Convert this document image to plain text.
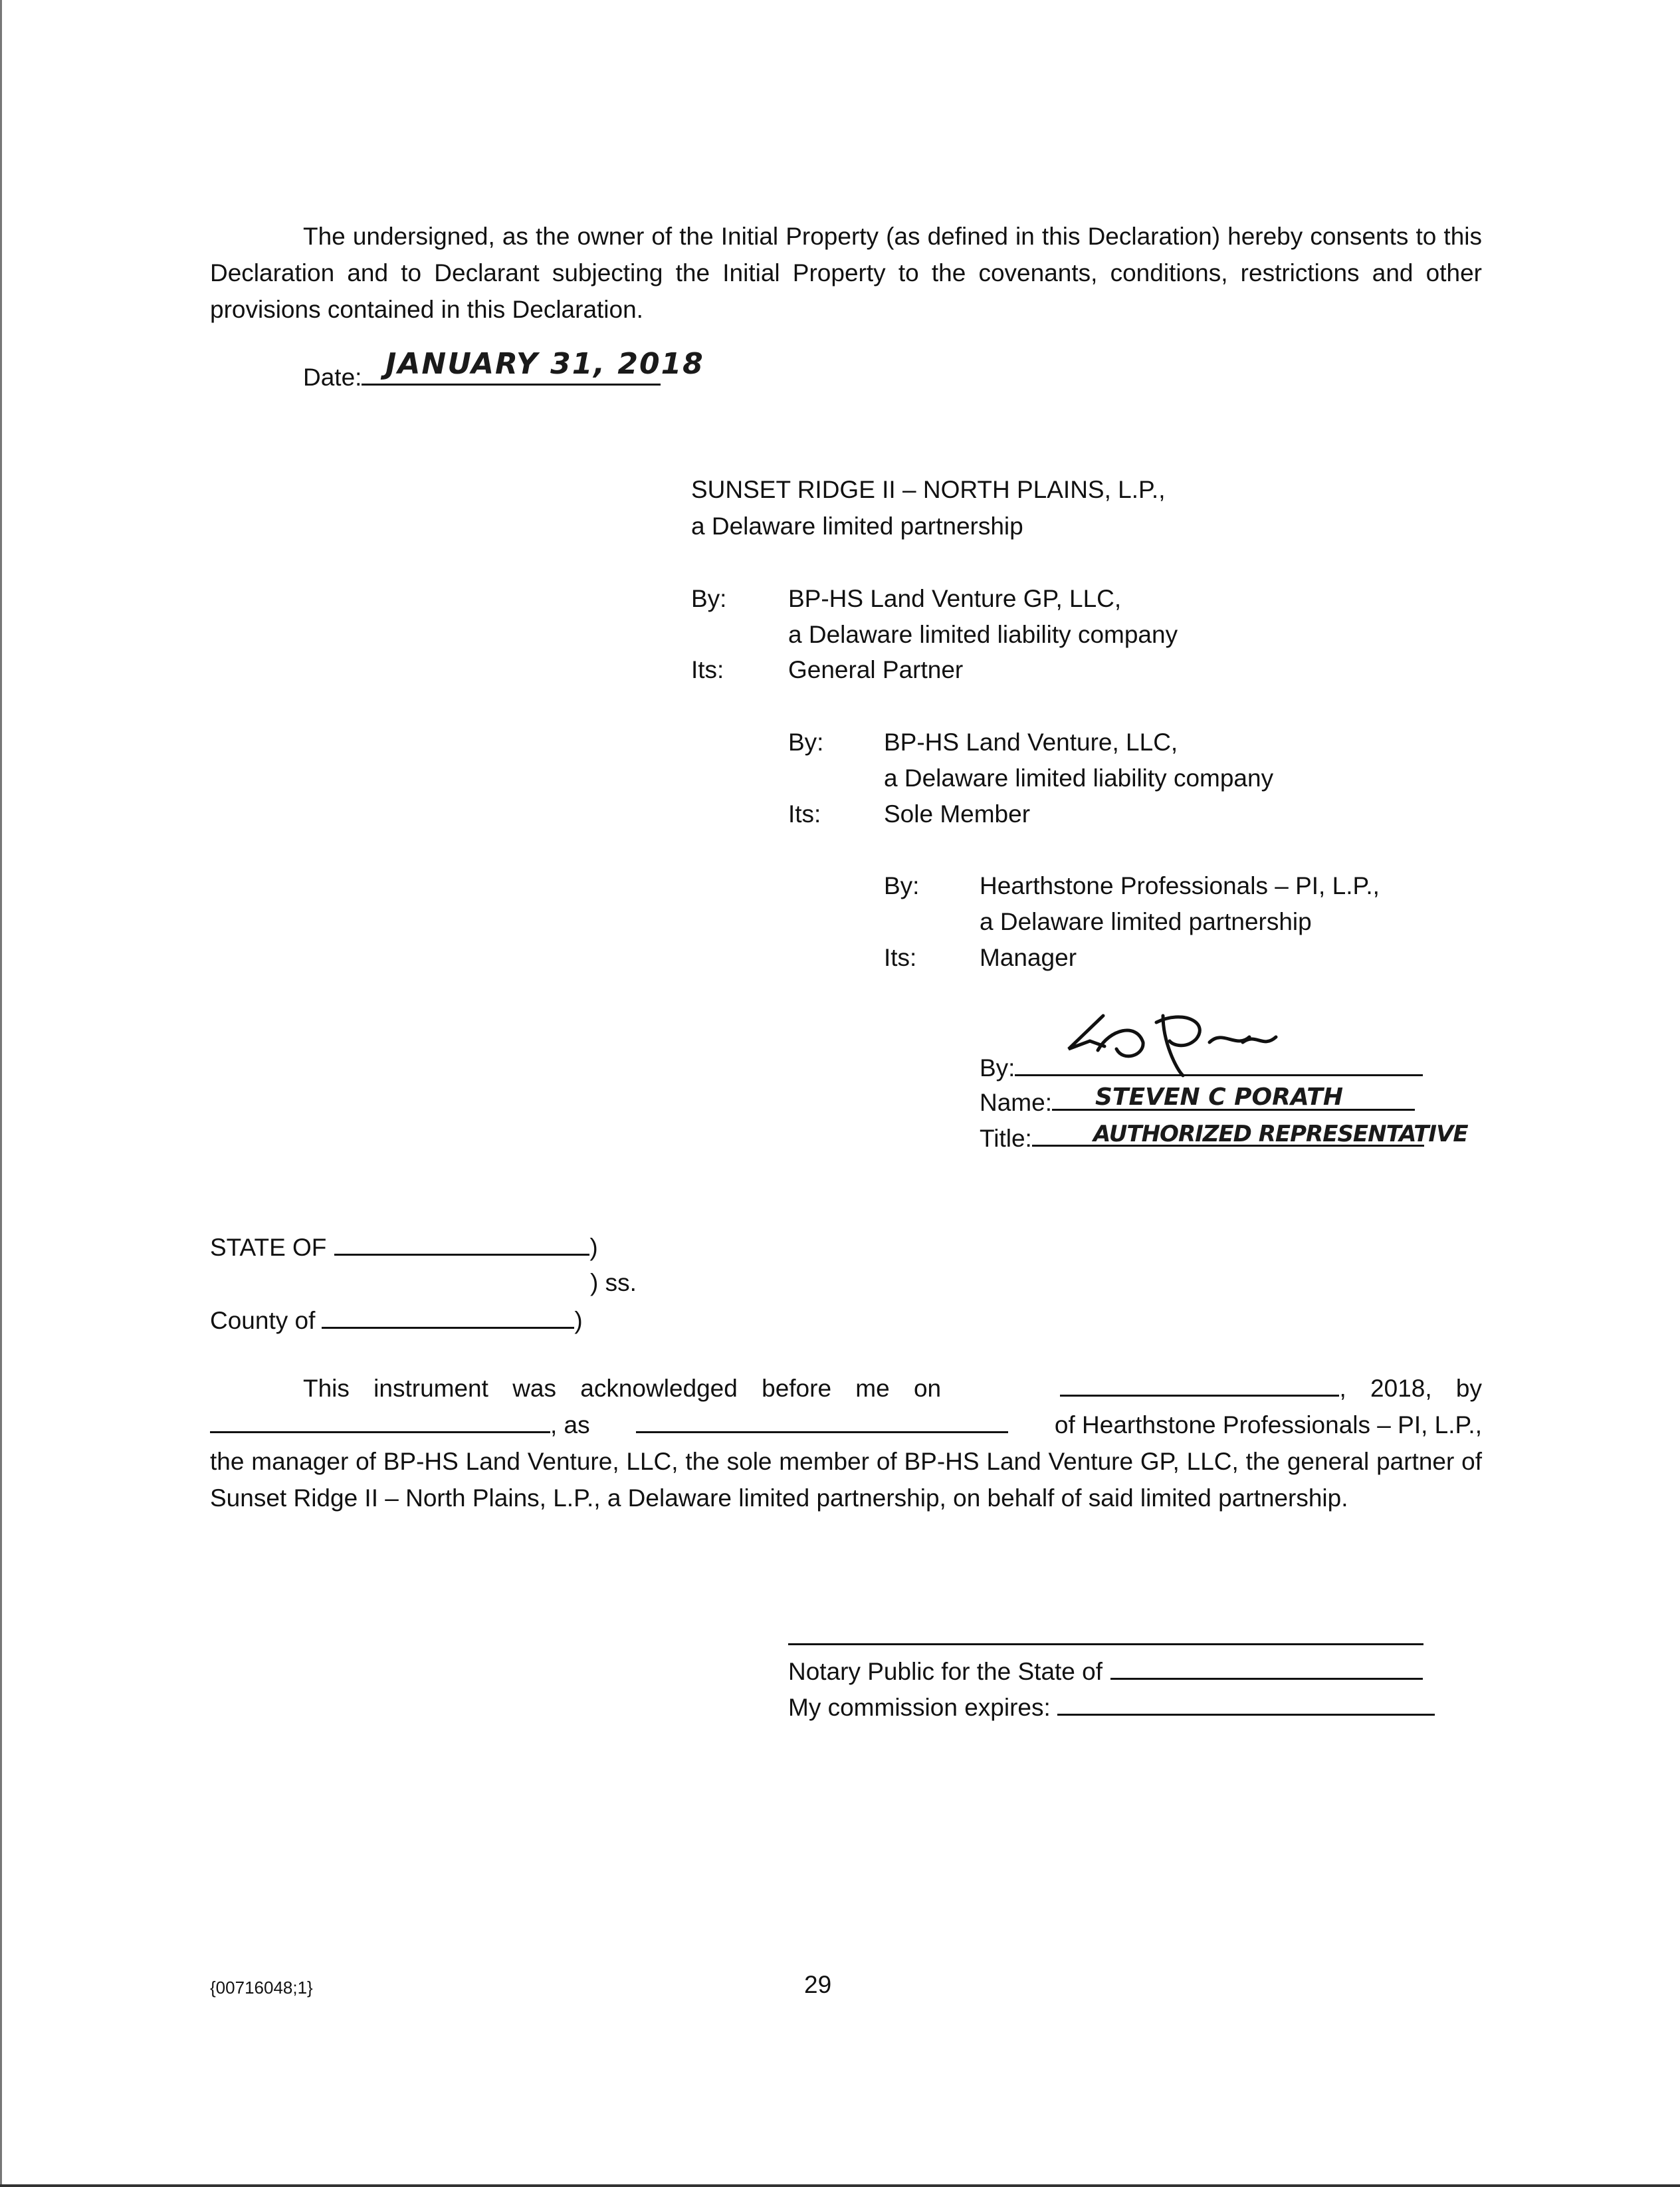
The undersigned, as the owner of the Initial Property (as defined in this Declaration) hereby consents to this Declaration and to Declarant subjecting the Initial Property to the covenants, conditions, restrictions and other provisions contained in this Declaration.
Date: JANUARY 31, 2018
SUNSET RIDGE II – NORTH PLAINS, L.P.,
a Delaware limited partnership
By:	BP-HS Land Venture GP, LLC,
a Delaware limited liability company
Its:	General Partner
By: BP-HS Land Venture, LLC,
a Delaware limited liability company
Its:	Sole Member
By: Hearthstone Professionals – PI, L.P.,
a Delaware limited partnership
Its:	Manager
By:
Name:	STEVEN C PORATH
Title:	AUTHORIZED REPRESENTATIVE
STATE OF	)
) ss.
County of	)
This instrument was acknowledged before me on	, 2018, by
, as	of Hearthstone Professionals – PI, L.P.,
the manager of BP-HS Land Venture, LLC, the sole member of BP-HS Land Venture GP, LLC, the general partner of Sunset Ridge II – North Plains, L.P., a Delaware limited partnership, on behalf of said limited partnership.
Notary Public for the State of
My commission expires:
{00716048;1}	29
